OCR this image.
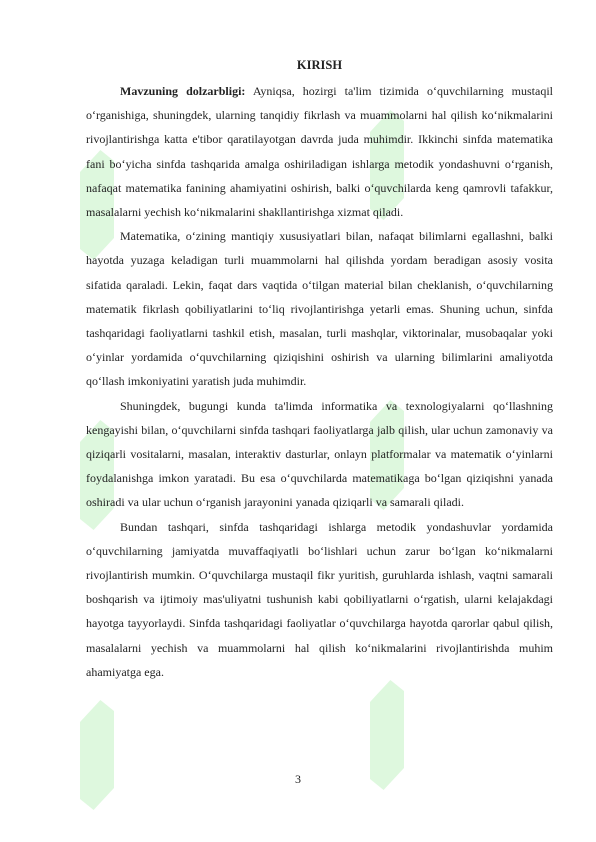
KIRISH

Mavzuning dolzarbligi: Ayniqsa, hozirgi ta'lim tizimida o‘quvchilarning mustaqil o‘rganishiga, shuningdek, ularning tanqidiy fikrlash va muammolarni hal qilish ko‘nikmalarini rivojlantirishga katta e'tibor qaratilayotgan davrda juda muhimdir. Ikkinchi sinfda matematika fani bo‘yicha sinfda tashqarida amalga oshiriladigan ishlarga metodik yondashuvni o‘rganish, nafaqat matematika fanining ahamiyatini oshirish, balki o‘quvchilarda keng qamrovli tafakkur, masalalarni yechish ko‘nikmalarini shakllantirishga xizmat qiladi.

Matematika, o‘zining mantiqiy xususiyatlari bilan, nafaqat bilimlarni egallashni, balki hayotda yuzaga keladigan turli muammolarni hal qilishda yordam beradigan asosiy vosita sifatida qaraladi. Lekin, faqat dars vaqtida o‘tilgan material bilan cheklanish, o‘quvchilarning matematik fikrlash qobiliyatlarini to‘liq rivojlantirishga yetarli emas. Shuning uchun, sinfda tashqaridagi faoliyatlarni tashkil etish, masalan, turli mashqlar, viktorinalar, musobaqalar yoki o‘yinlar yordamida o‘quvchilarning qiziqishini oshirish va ularning bilimlarini amaliyotda qo‘llash imkoniyatini yaratish juda muhimdir.

Shuningdek, bugungi kunda ta'limda informatika va texnologiyalarni qo‘llashning kengayishi bilan, o‘quvchilarni sinfda tashqari faoliyatlarga jalb qilish, ular uchun zamonaviy va qiziqarli vositalarni, masalan, interaktiv dasturlar, onlayn platformalar va matematik o‘yinlarni foydalanishga imkon yaratadi. Bu esa o‘quvchilarda matematikaga bo‘lgan qiziqishni yanada oshiradi va ular uchun o‘rganish jarayonini yanada qiziqarli va samarali qiladi.

Bundan tashqari, sinfda tashqaridagi ishlarga metodik yondashuvlar yordamida o‘quvchilarning jamiyatda muvaffaqiyatli bo‘lishlari uchun zarur bo‘lgan ko‘nikmalarni rivojlantirish mumkin. O‘quvchilarga mustaqil fikr yuritish, guruhlarda ishlash, vaqtni samarali boshqarish va ijtimoiy mas'uliyatni tushunish kabi qobiliyatlarni o‘rgatish, ularni kelajakdagi hayotga tayyorlaydi. Sinfda tashqaridagi faoliyatlar o‘quvchilarga hayotda qarorlar qabul qilish, masalalarni yechish va muammolarni hal qilish ko‘nikmalarini rivojlantirishda muhim ahamiyatga ega.

3
